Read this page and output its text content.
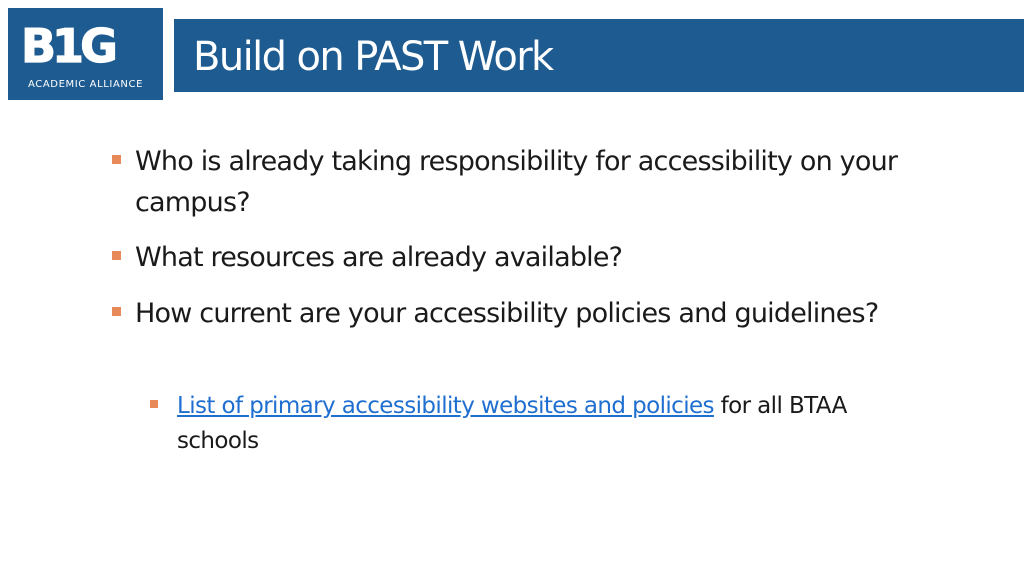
B1G
ACADEMIC ALLIANCE
Build on PAST Work
Who is already taking responsibility for accessibility on your campus?
What resources are already available?
How current are your accessibility policies and guidelines?
List of primary accessibility websites and policies for all BTAA schools
